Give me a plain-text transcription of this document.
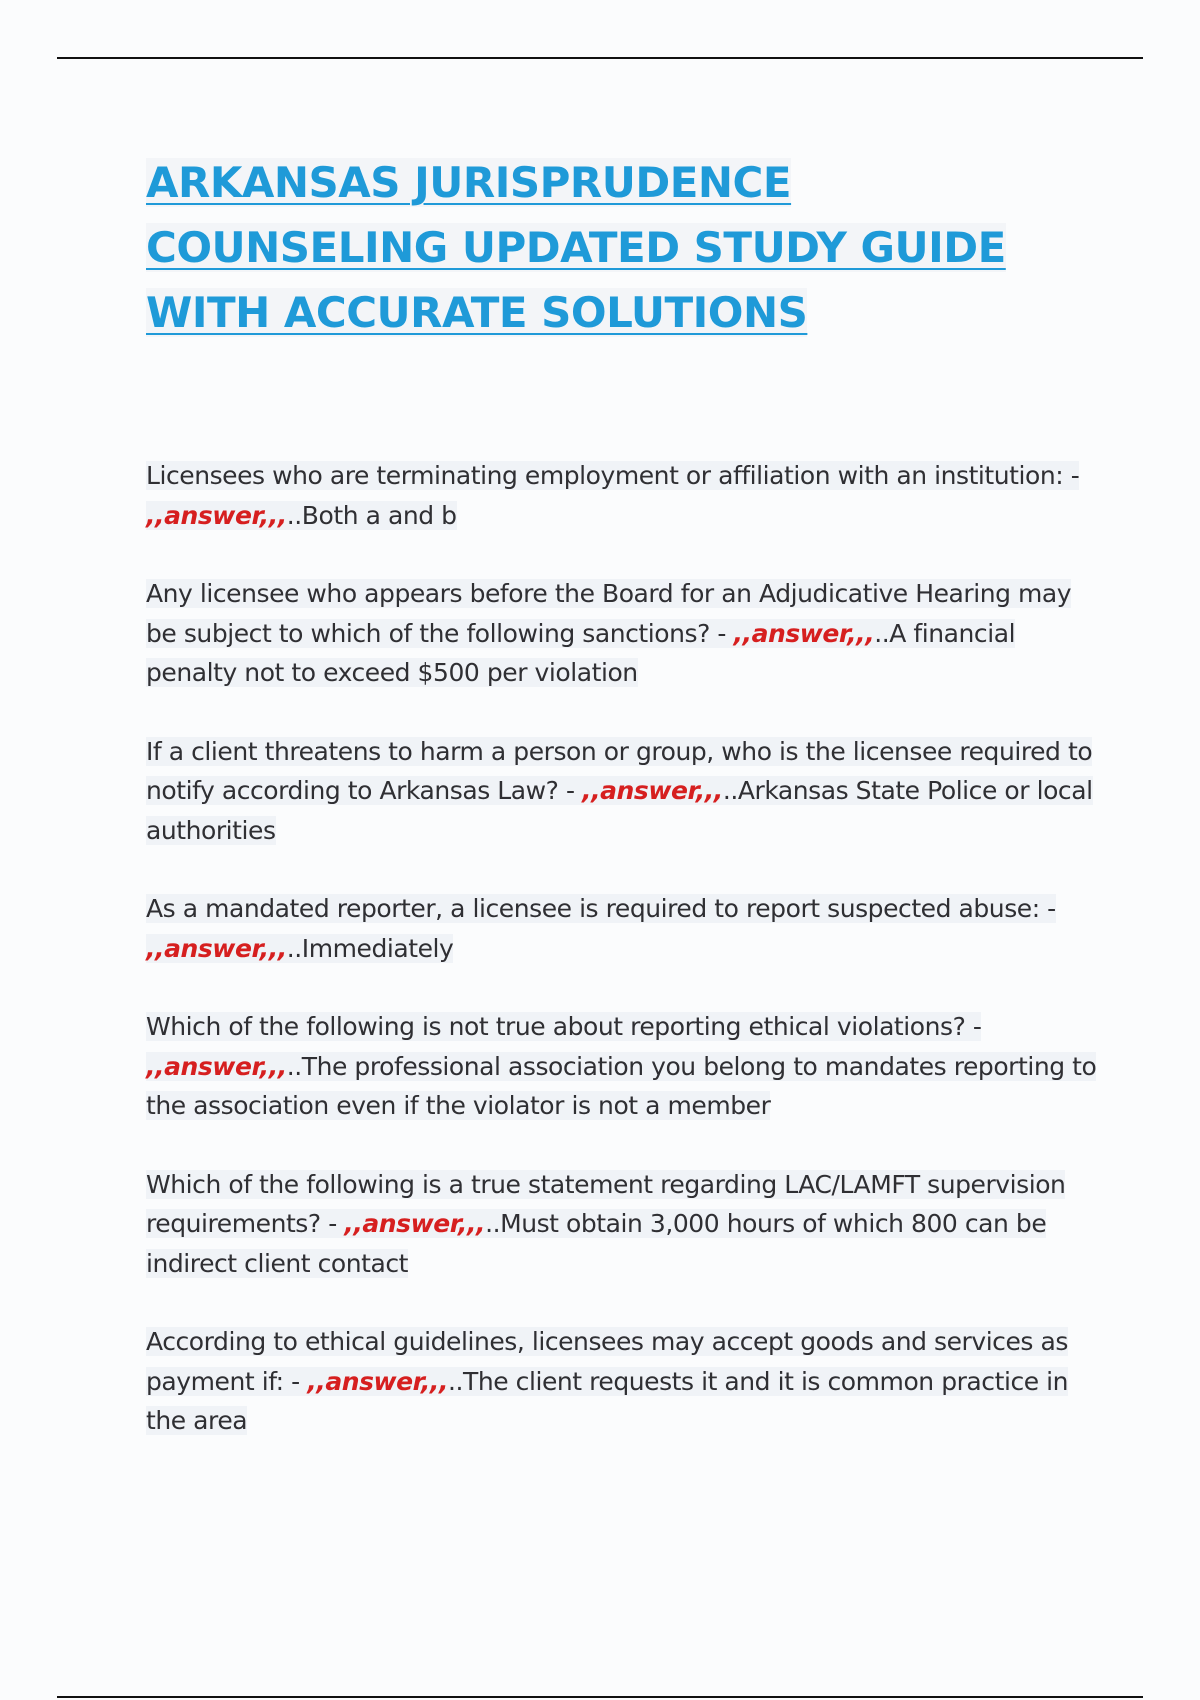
ARKANSAS JURISPRUDENCE
COUNSELING UPDATED STUDY GUIDE
WITH ACCURATE SOLUTIONS

Licensees who are terminating employment or affiliation with an institution: - ,,answer,,,..Both a and b

Any licensee who appears before the Board for an Adjudicative Hearing may be subject to which of the following sanctions? - ,,answer,,,..A financial penalty not to exceed $500 per violation

If a client threatens to harm a person or group, who is the licensee required to notify according to Arkansas Law? - ,,answer,,,..Arkansas State Police or local authorities

As a mandated reporter, a licensee is required to report suspected abuse: - ,,answer,,,..Immediately

Which of the following is not true about reporting ethical violations? - ,,answer,,,..The professional association you belong to mandates reporting to the association even if the violator is not a member

Which of the following is a true statement regarding LAC/LAMFT supervision requirements? - ,,answer,,,..Must obtain 3,000 hours of which 800 can be indirect client contact

According to ethical guidelines, licensees may accept goods and services as payment if: - ,,answer,,,..The client requests it and it is common practice in the area
